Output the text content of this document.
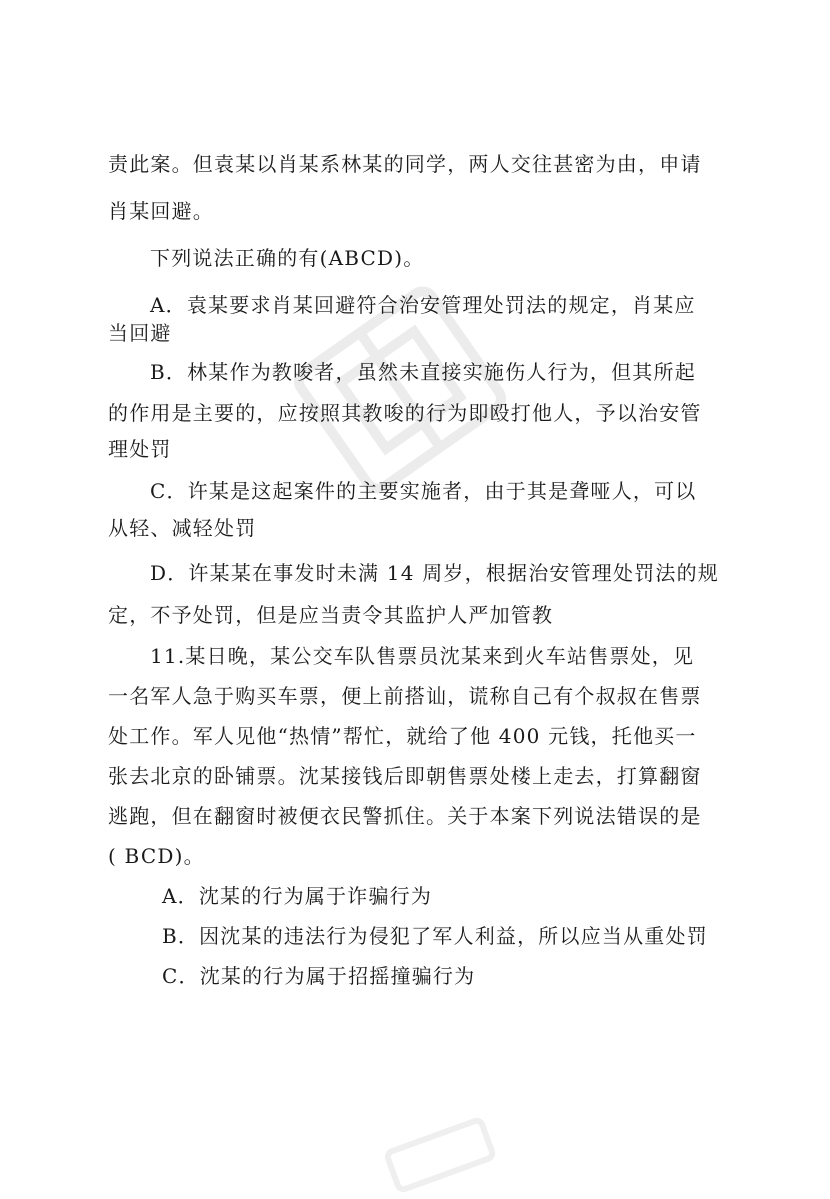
责此案。但袁某以肖某系林某的同学，两人交往甚密为由，申请
肖某回避。
下列说法正确的有(ABCD)。
A．袁某要求肖某回避符合治安管理处罚法的规定，肖某应
当回避
B．林某作为教唆者，虽然未直接实施伤人行为，但其所起
的作用是主要的，应按照其教唆的行为即殴打他人，予以治安管
理处罚
C．许某是这起案件的主要实施者，由于其是聋哑人，可以
从轻、减轻处罚
D．许某某在事发时未满 14 周岁，根据治安管理处罚法的规
定，不予处罚，但是应当责令其监护人严加管教
11.某日晚，某公交车队售票员沈某来到火车站售票处，见
一名军人急于购买车票，便上前搭讪，谎称自己有个叔叔在售票
处工作。军人见他“热情”帮忙，就给了他 400 元钱，托他买一
张去北京的卧铺票。沈某接钱后即朝售票处楼上走去，打算翻窗
逃跑，但在翻窗时被便衣民警抓住。关于本案下列说法错误的是
( BCD)。
A．沈某的行为属于诈骗行为
B．因沈某的违法行为侵犯了军人利益，所以应当从重处罚
C．沈某的行为属于招摇撞骗行为
